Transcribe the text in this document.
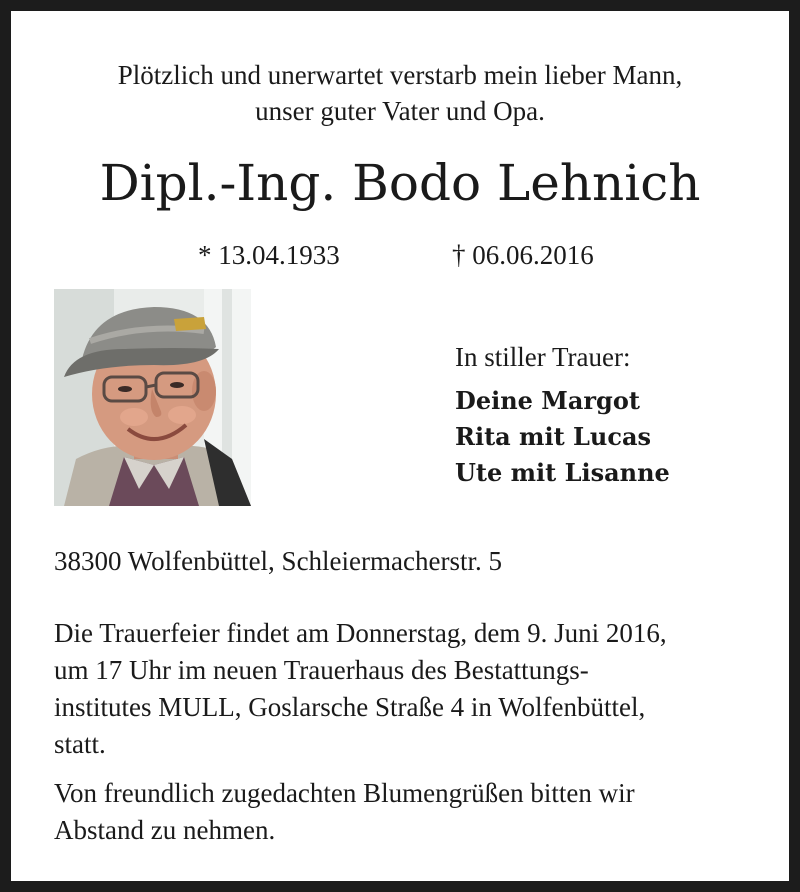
Plötzlich und unerwartet verstarb mein lieber Mann,
unser guter Vater und Opa.
Dipl.-Ing. Bodo Lehnich
* 13.04.1933	† 06.06.2016
In stiller Trauer:
Deine Margot
Rita mit Lucas
Ute mit Lisanne
38300 Wolfenbüttel, Schleiermacherstr. 5
Die Trauerfeier findet am Donnerstag, dem 9. Juni 2016,
um 17 Uhr im neuen Trauerhaus des Bestattungs-
institutes MULL, Goslarsche Straße 4 in Wolfenbüttel,
statt.
Von freundlich zugedachten Blumengrüßen bitten wir
Abstand zu nehmen.
